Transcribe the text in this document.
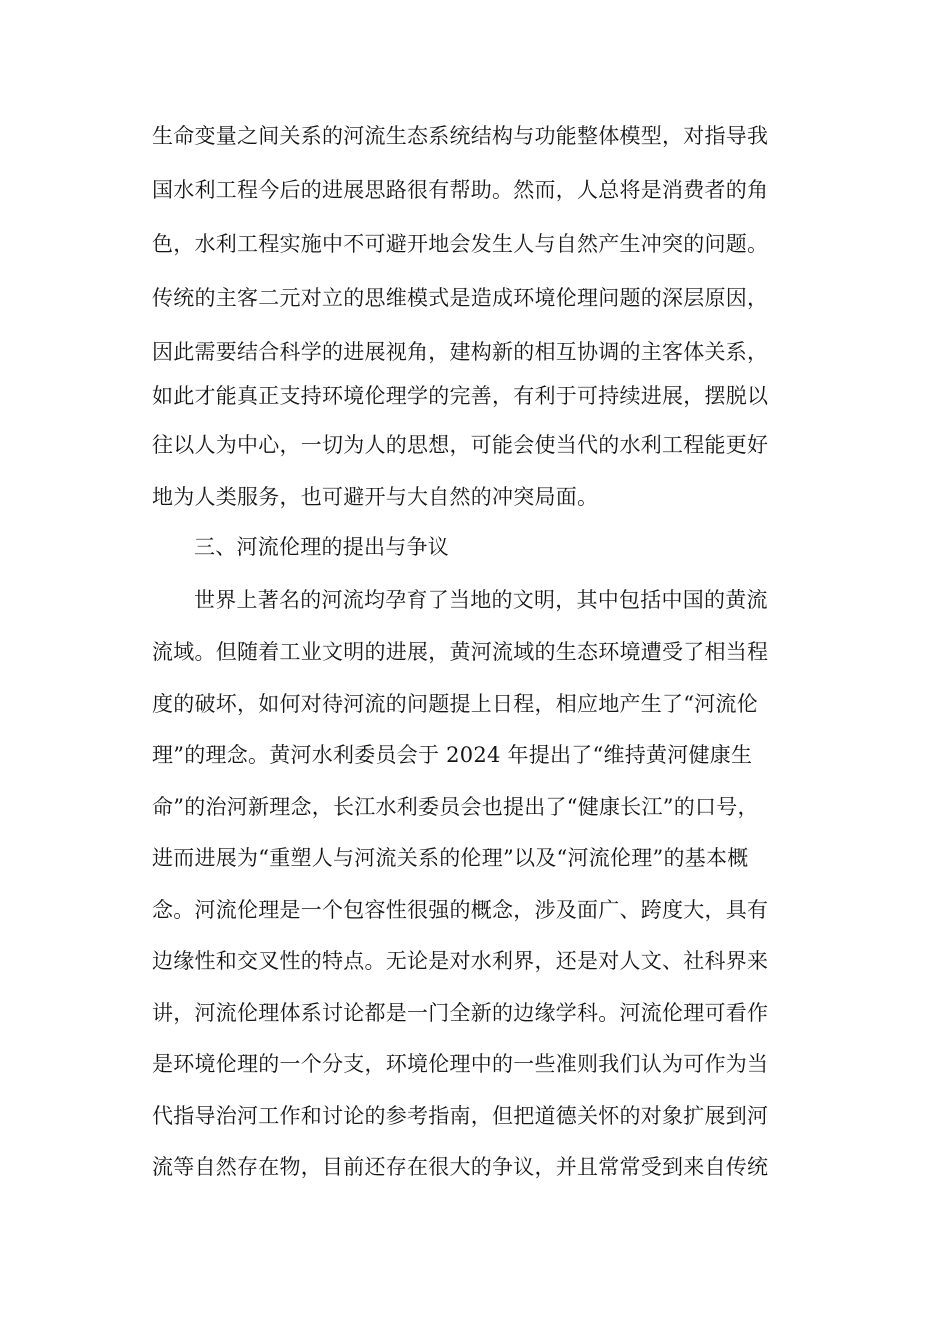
生命变量之间关系的河流生态系统结构与功能整体模型，对指导我
国水利工程今后的进展思路很有帮助。然而，人总将是消费者的角
色，水利工程实施中不可避开地会发生人与自然产生冲突的问题。
传统的主客二元对立的思维模式是造成环境伦理问题的深层原因，
因此需要结合科学的进展视角，建构新的相互协调的主客体关系，
如此才能真正支持环境伦理学的完善，有利于可持续进展，摆脱以
往以人为中心，一切为人的思想，可能会使当代的水利工程能更好
地为人类服务，也可避开与大自然的冲突局面。
三、河流伦理的提出与争议
世界上著名的河流均孕育了当地的文明，其中包括中国的黄流
流域。但随着工业文明的进展，黄河流域的生态环境遭受了相当程
度的破坏，如何对待河流的问题提上日程，相应地产生了“河流伦
理”的理念。黄河水利委员会于 2024 年提出了“维持黄河健康生
命”的治河新理念，长江水利委员会也提出了“健康长江”的口号，
进而进展为“重塑人与河流关系的伦理”以及“河流伦理”的基本概
念。河流伦理是一个包容性很强的概念，涉及面广、跨度大，具有
边缘性和交叉性的特点。无论是对水利界，还是对人文、社科界来
讲，河流伦理体系讨论都是一门全新的边缘学科。河流伦理可看作
是环境伦理的一个分支，环境伦理中的一些准则我们认为可作为当
代指导治河工作和讨论的参考指南，但把道德关怀的对象扩展到河
流等自然存在物，目前还存在很大的争议，并且常常受到来自传统
